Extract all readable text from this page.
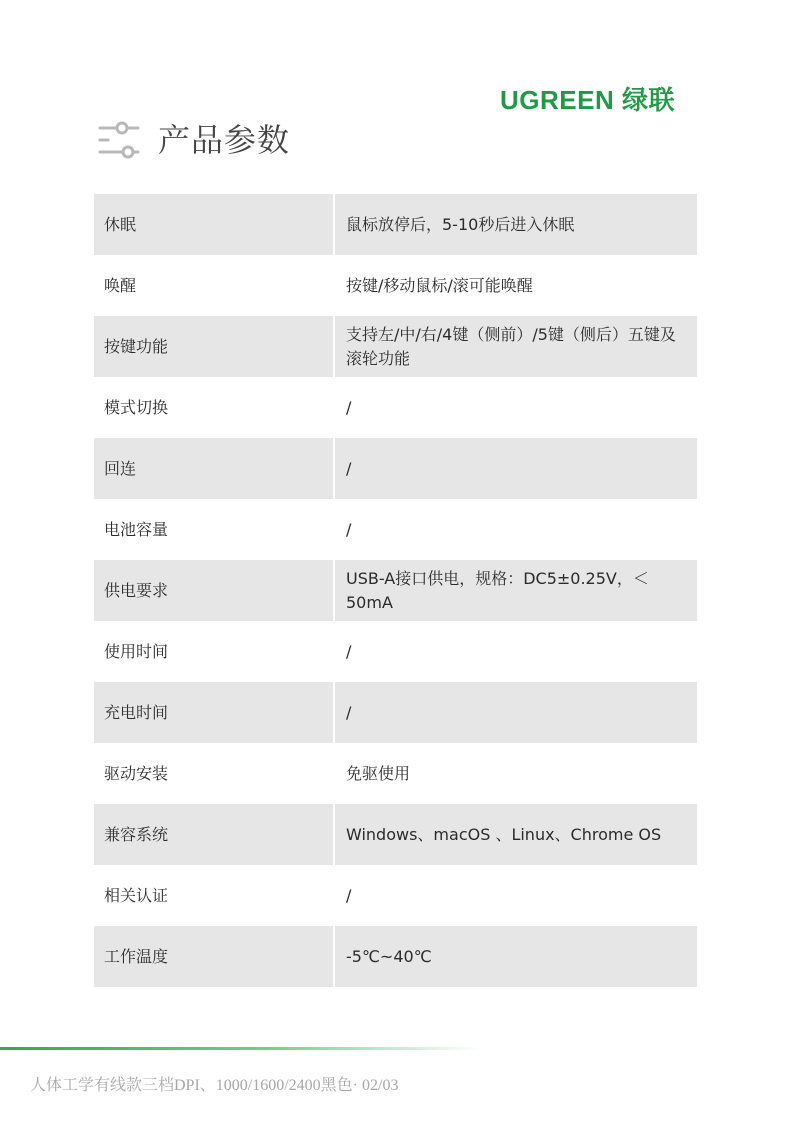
UGREEN 绿联
产品参数
休眠	鼠标放停后，5-10秒后进入休眠
唤醒	按键/移动鼠标/滚可能唤醒
按键功能	支持左/中/右/4键（侧前）/5键（侧后）五键及滚轮功能
模式切换	/
回连	/
电池容量	/
供电要求	USB-A接口供电，规格：DC5±0.25V，＜50mA
使用时间	/
充电时间	/
驱动安装	免驱使用
兼容系统	Windows、macOS 、Linux、Chrome OS
相关认证	/
工作温度	-5℃~40℃
人体工学有线款三档DPI、1000/1600/2400黑色· 02/03
